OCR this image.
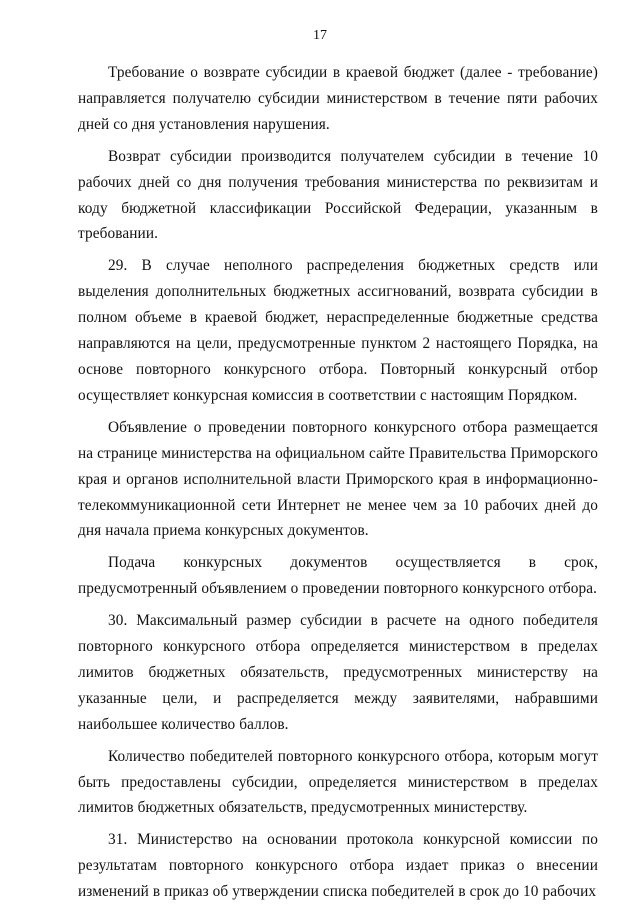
17

Требование о возврате субсидии в краевой бюджет (далее - требование) направляется получателю субсидии министерством в течение пяти рабочих дней со дня установления нарушения.

Возврат субсидии производится получателем субсидии в течение 10 рабочих дней со дня получения требования министерства по реквизитам и коду бюджетной классификации Российской Федерации, указанным в требовании.

29. В случае неполного распределения бюджетных средств или выделения дополнительных бюджетных ассигнований, возврата субсидии в полном объеме в краевой бюджет, нераспределенные бюджетные средства направляются на цели, предусмотренные пунктом 2 настоящего Порядка, на основе повторного конкурсного отбора. Повторный конкурсный отбор осуществляет конкурсная комиссия в соответствии с настоящим Порядком.

Объявление о проведении повторного конкурсного отбора размещается на странице министерства на официальном сайте Правительства Приморского края и органов исполнительной власти Приморского края в информационно-телекоммуникационной сети Интернет не менее чем за 10 рабочих дней до дня начала приема конкурсных документов.

Подача конкурсных документов осуществляется в срок, предусмотренный объявлением о проведении повторного конкурсного отбора.

30. Максимальный размер субсидии в расчете на одного победителя повторного конкурсного отбора определяется министерством в пределах лимитов бюджетных обязательств, предусмотренных министерству на указанные цели, и распределяется между заявителями, набравшими наибольшее количество баллов.

Количество победителей повторного конкурсного отбора, которым могут быть предоставлены субсидии, определяется министерством в пределах лимитов бюджетных обязательств, предусмотренных министерству.

31. Министерство на основании протокола конкурсной комиссии по результатам повторного конкурсного отбора издает приказ о внесении изменений в приказ об утверждении списка победителей в срок до 10 рабочих
